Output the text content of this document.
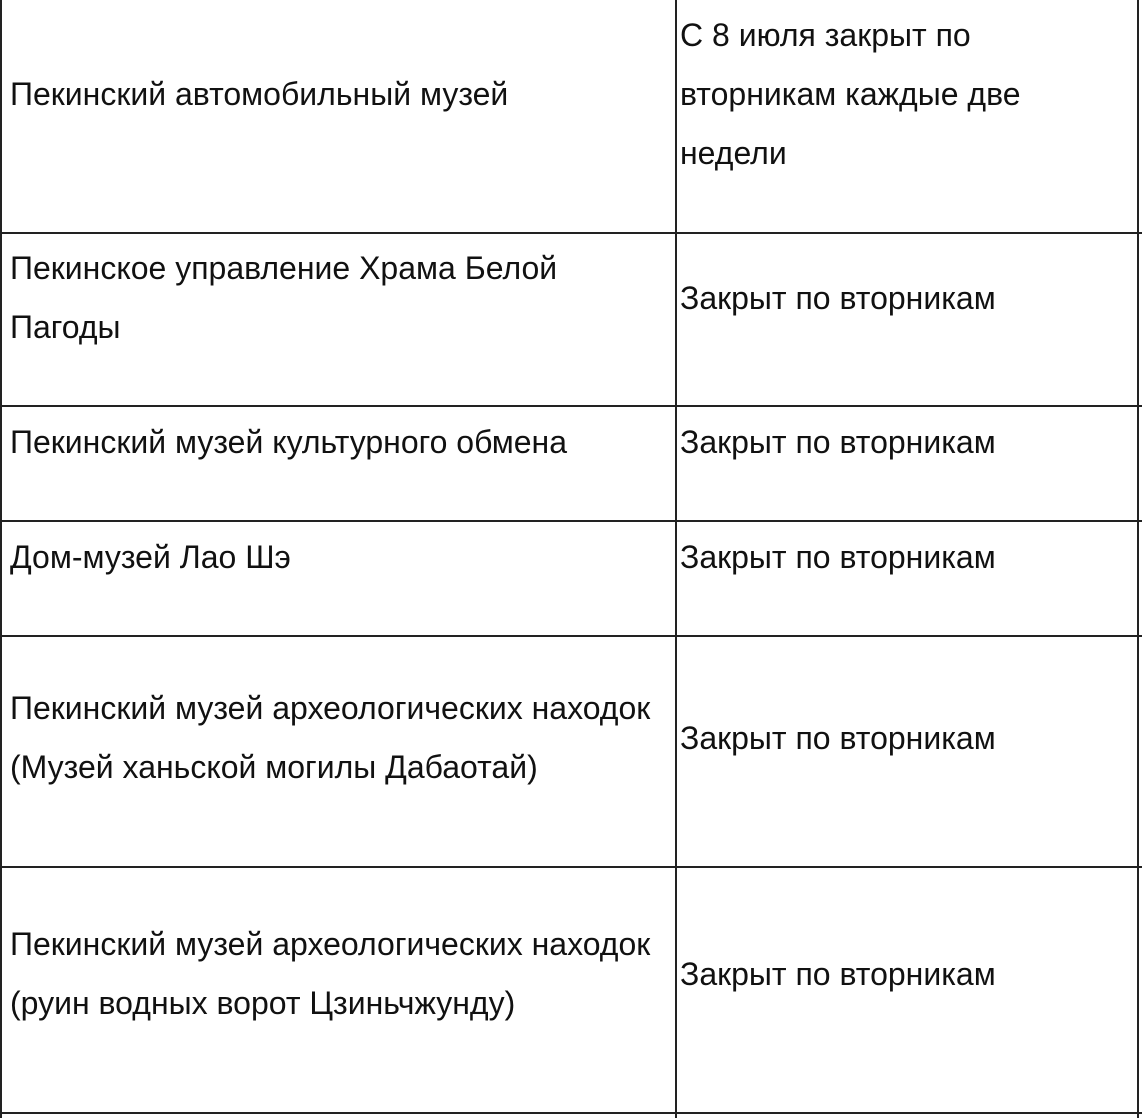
Пекинский автомобильный музей
С 8 июля закрыт по вторникам каждые две недели
Пекинское управление Храма Белой Пагоды
Закрыт по вторникам
Пекинский музей культурного обмена	Закрыт по вторникам
Дом-музей Лао Шэ	Закрыт по вторникам
Пекинский музей археологических находок (Музей ханьской могилы Дабаотай)
Закрыт по вторникам
Пекинский музей археологических находок (руин водных ворот Цзиньчжунду)
Закрыт по вторникам
